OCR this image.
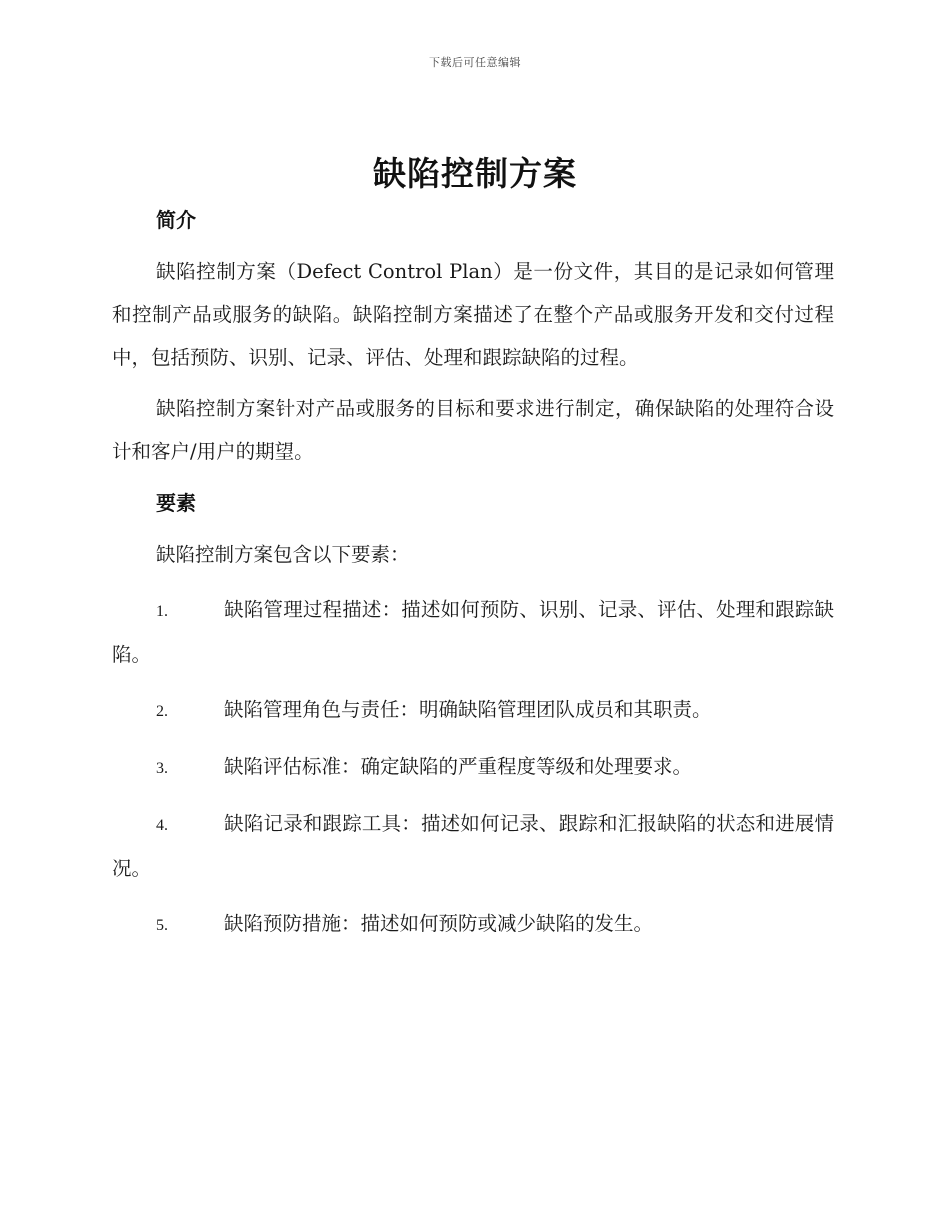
下载后可任意编辑
缺陷控制方案
简介

缺陷控制方案（Defect Control Plan）是一份文件，其目的是记录如何管理和控制产品或服务的缺陷。缺陷控制方案描述了在整个产品或服务开发和交付过程中，包括预防、识别、记录、评估、处理和跟踪缺陷的过程。

缺陷控制方案针对产品或服务的目标和要求进行制定，确保缺陷的处理符合设计和客户/用户的期望。

要素

缺陷控制方案包含以下要素：

1.	缺陷管理过程描述：描述如何预防、识别、记录、评估、处理和跟踪缺陷。

2.	缺陷管理角色与责任：明确缺陷管理团队成员和其职责。

3.	缺陷评估标准：确定缺陷的严重程度等级和处理要求。

4.	缺陷记录和跟踪工具：描述如何记录、跟踪和汇报缺陷的状态和进展情况。

5.	缺陷预防措施：描述如何预防或减少缺陷的发生。
